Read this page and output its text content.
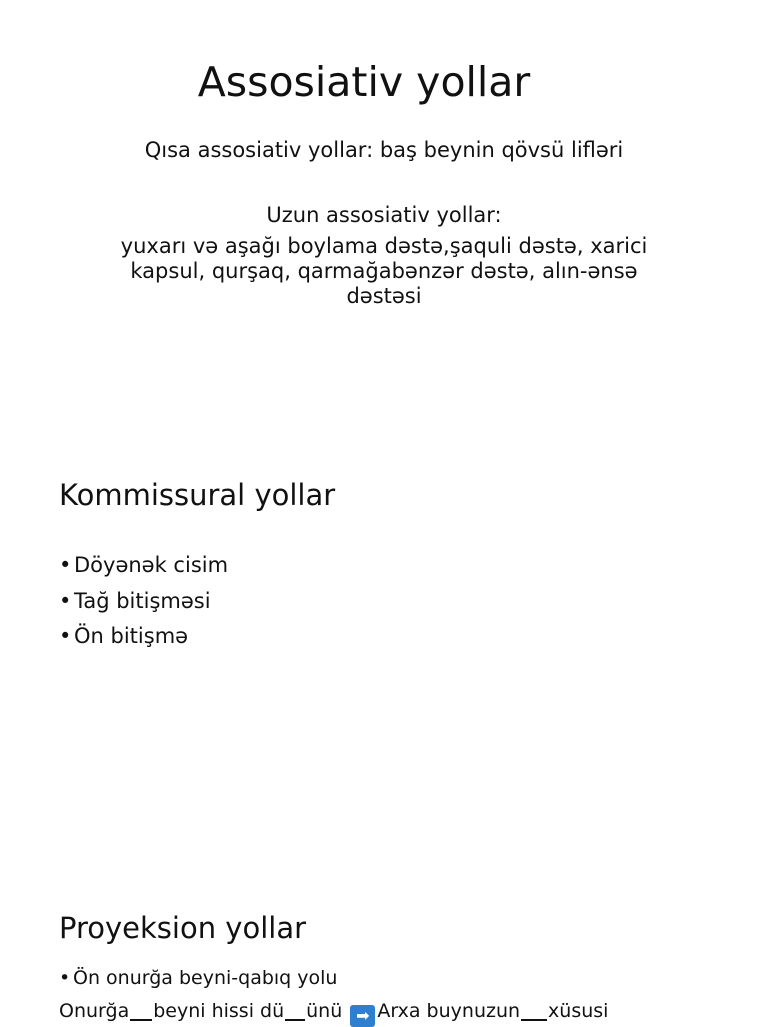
Assosiativ yollar

Qısa assosiativ yollar: baş beynin qövsü lifləri

Uzun assosiativ yollar:

yuxarı və aşağı boylama dəstə,şaquli dəstə, xarici kapsul, qurşaq, qarmağabənzər dəstə, alın-ənsə dəstəsi

Kommissural yollar
• Döyənək cisim
• Tağ bitişməsi
• Ön bitişmə
Proyeksion yollar

• Ön onurğa beyni-qabıq yolu

Onurğa beyni hissi dü ünü ➡ Arxa buynuzun xüsusi
